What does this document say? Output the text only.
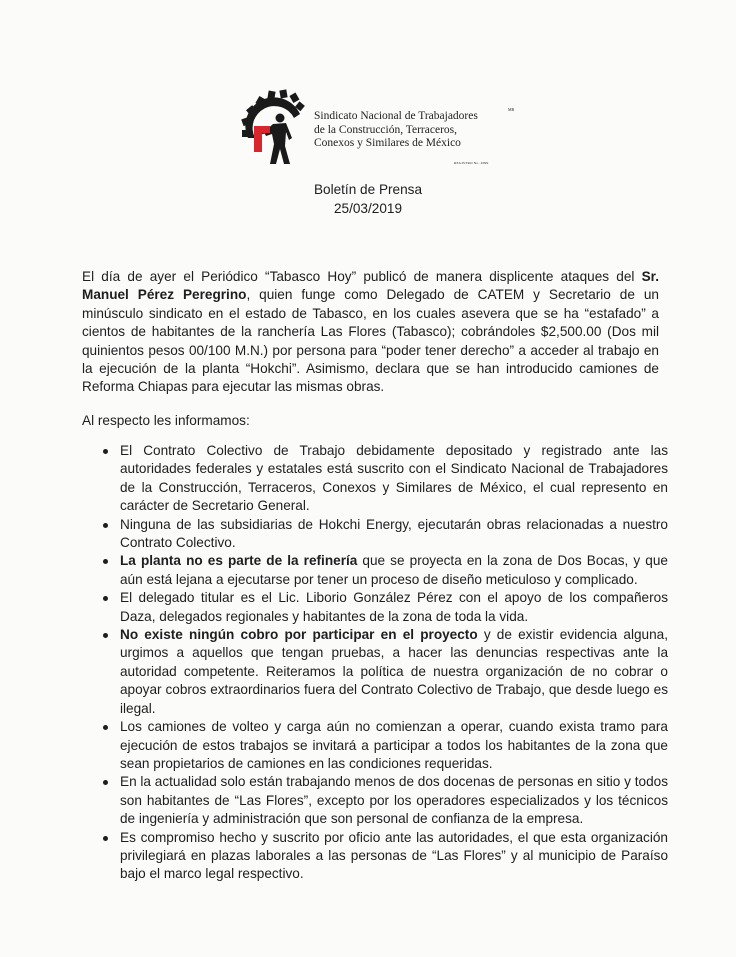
Sindicato Nacional de Trabajadores
de la Construcción, Terraceros,
Conexos y Similares de México
MR
REGISTRO No. 2099
Boletín de Prensa
25/03/2019

El día de ayer el Periódico “Tabasco Hoy” publicó de manera displicente ataques del Sr. Manuel Pérez Peregrino, quien funge como Delegado de CATEM y Secretario de un minúsculo sindicato en el estado de Tabasco, en los cuales asevera que se ha “estafado” a cientos de habitantes de la ranchería Las Flores (Tabasco); cobrándoles $2,500.00 (Dos mil quinientos pesos 00/100 M.N.) por persona para “poder tener derecho” a acceder al trabajo en la ejecución de la planta “Hokchi”. Asimismo, declara que se han introducido camiones de Reforma Chiapas para ejecutar las mismas obras.

Al respecto les informamos:

El Contrato Colectivo de Trabajo debidamente depositado y registrado ante las autoridades federales y estatales está suscrito con el Sindicato Nacional de Trabajadores de la Construcción, Terraceros, Conexos y Similares de México, el cual represento en carácter de Secretario General.
Ninguna de las subsidiarias de Hokchi Energy, ejecutarán obras relacionadas a nuestro Contrato Colectivo.
La planta no es parte de la refinería que se proyecta en la zona de Dos Bocas, y que aún está lejana a ejecutarse por tener un proceso de diseño meticuloso y complicado.
El delegado titular es el Lic. Liborio González Pérez con el apoyo de los compañeros Daza, delegados regionales y habitantes de la zona de toda la vida.
No existe ningún cobro por participar en el proyecto y de existir evidencia alguna, urgimos a aquellos que tengan pruebas, a hacer las denuncias respectivas ante la autoridad competente. Reiteramos la política de nuestra organización de no cobrar o apoyar cobros extraordinarios fuera del Contrato Colectivo de Trabajo, que desde luego es ilegal.
Los camiones de volteo y carga aún no comienzan a operar, cuando exista tramo para ejecución de estos trabajos se invitará a participar a todos los habitantes de la zona que sean propietarios de camiones en las condiciones requeridas.
En la actualidad solo están trabajando menos de dos docenas de personas en sitio y todos son habitantes de “Las Flores”, excepto por los operadores especializados y los técnicos de ingeniería y administración que son personal de confianza de la empresa.
Es compromiso hecho y suscrito por oficio ante las autoridades, el que esta organización privilegiará en plazas laborales a las personas de “Las Flores” y al municipio de Paraíso bajo el marco legal respectivo.
